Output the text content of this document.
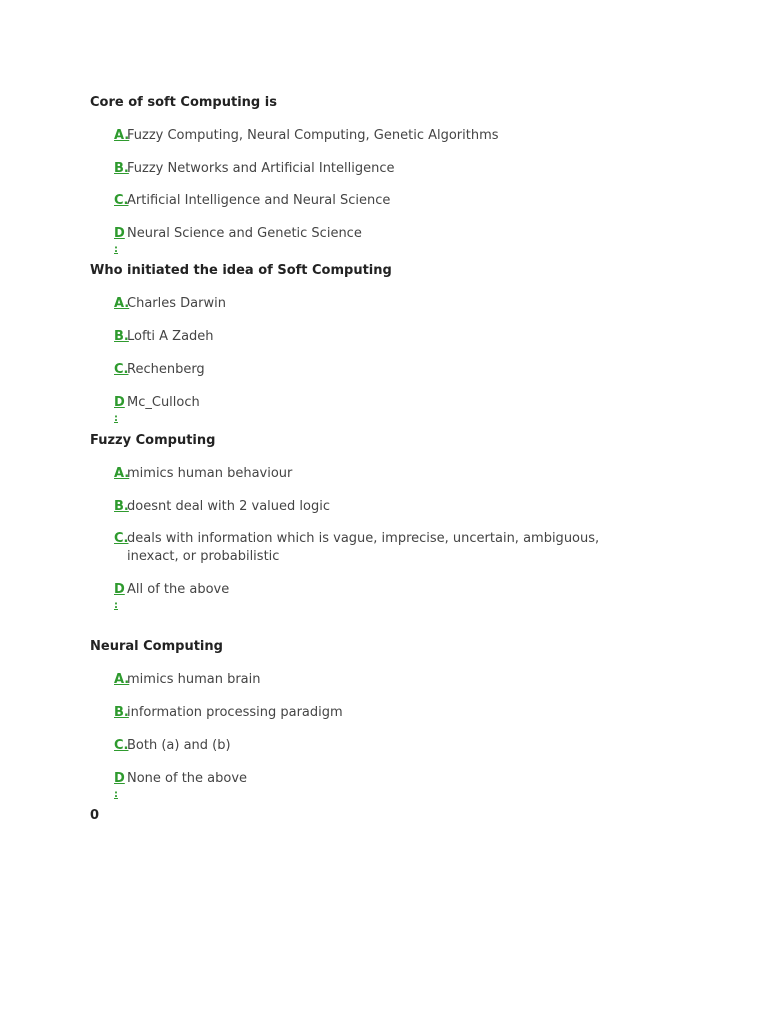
Core of soft Computing is
A.
Fuzzy Computing, Neural Computing, Genetic Algorithms
B.
Fuzzy Networks and Artificial Intelligence
C.
Artificial Intelligence and Neural Science
D
:
Neural Science and Genetic Science
Who initiated the idea of Soft Computing
A.
Charles Darwin
B.
Lofti A Zadeh
C.
Rechenberg
D
:
Mc_Culloch
Fuzzy Computing
A.
mimics human behaviour
B.
doesnt deal with 2 valued logic
C.
deals with information which is vague, imprecise, uncertain, ambiguous, inexact, or probabilistic
D
:
All of the above
Neural Computing
A.
mimics human brain
B.
information processing paradigm
C.
Both (a) and (b)
D
:
None of the above
0
